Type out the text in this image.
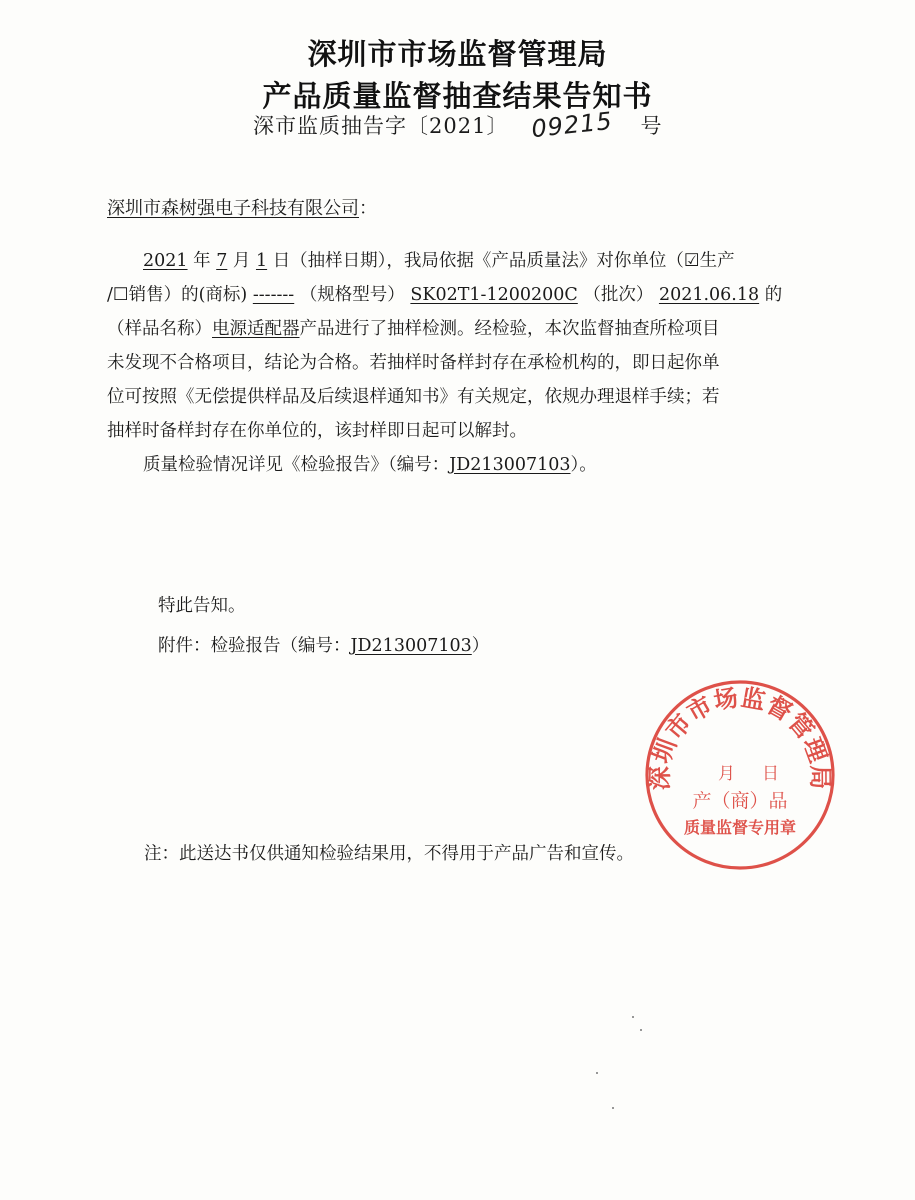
深圳市市场监督管理局
产品质量监督抽查结果告知书
深市监质抽告字〔2021〕 09215 号
深圳市森树强电子科技有限公司：
2021 年 7 月 1 日（抽样日期），我局依据《产品质量法》对你单位（☑生产
/☐销售）的(商标) ------- （规格型号） SK02T1-1200200C （批次） 2021.06.18 的
（样品名称）电源适配器产品进行了抽样检测。经检验，本次监督抽查所检项目
未发现不合格项目，结论为合格。若抽样时备样封存在承检机构的，即日起你单
位可按照《无偿提供样品及后续退样通知书》有关规定，依规办理退样手续；若
抽样时备样封存在你单位的，该封样即日起可以解封。
质量检验情况详见《检验报告》（编号：JD213007103）。
特此告知。
附件：检验报告（编号：JD213007103）
深圳市市场监督管理局
月 日
产（商）品
质量监督专用章
注：此送达书仅供通知检验结果用，不得用于产品广告和宣传。
